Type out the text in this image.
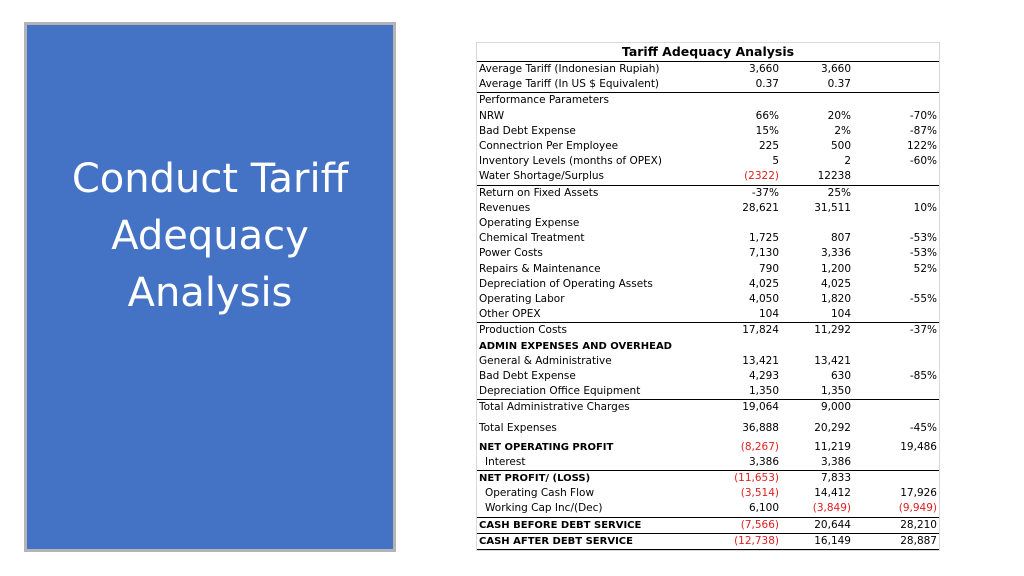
Conduct Tariff
Adequacy
Analysis
Tariff Adequacy Analysis
Average Tariff (Indonesian Rupiah)	3,660	3,660	
Average Tariff (In US $ Equivalent)	0.37	0.37	
Performance Parameters			
NRW	66%	20%	-70%
Bad Debt Expense	15%	2%	-87%
Connectrion Per Employee	225	500	122%
Inventory Levels (months of OPEX)	5	2	-60%
Water Shortage/Surplus	(2322)	12238	
Return on Fixed Assets	-37%	25%	
Revenues	28,621	31,511	10%
Operating Expense			
Chemical Treatment	1,725	807	-53%
Power Costs	7,130	3,336	-53%
Repairs & Maintenance	790	1,200	52%
Depreciation of Operating Assets	4,025	4,025	
Operating Labor	4,050	1,820	-55%
Other OPEX	104	104	
Production Costs	17,824	11,292	-37%
ADMIN EXPENSES AND OVERHEAD			
General & Administrative	13,421	13,421	
Bad Debt Expense	4,293	630	-85%
Depreciation Office Equipment	1,350	1,350	
Total Administrative Charges	19,064	9,000	
Total Expenses	36,888	20,292	-45%
NET OPERATING PROFIT	(8,267)	11,219	19,486
Interest	3,386	3,386	
NET PROFIT/ (LOSS)	(11,653)	7,833	
Operating Cash Flow	(3,514)	14,412	17,926
Working Cap Inc/(Dec)	6,100	(3,849)	(9,949)
CASH BEFORE DEBT SERVICE	(7,566)	20,644	28,210
CASH AFTER DEBT SERVICE	(12,738)	16,149	28,887
